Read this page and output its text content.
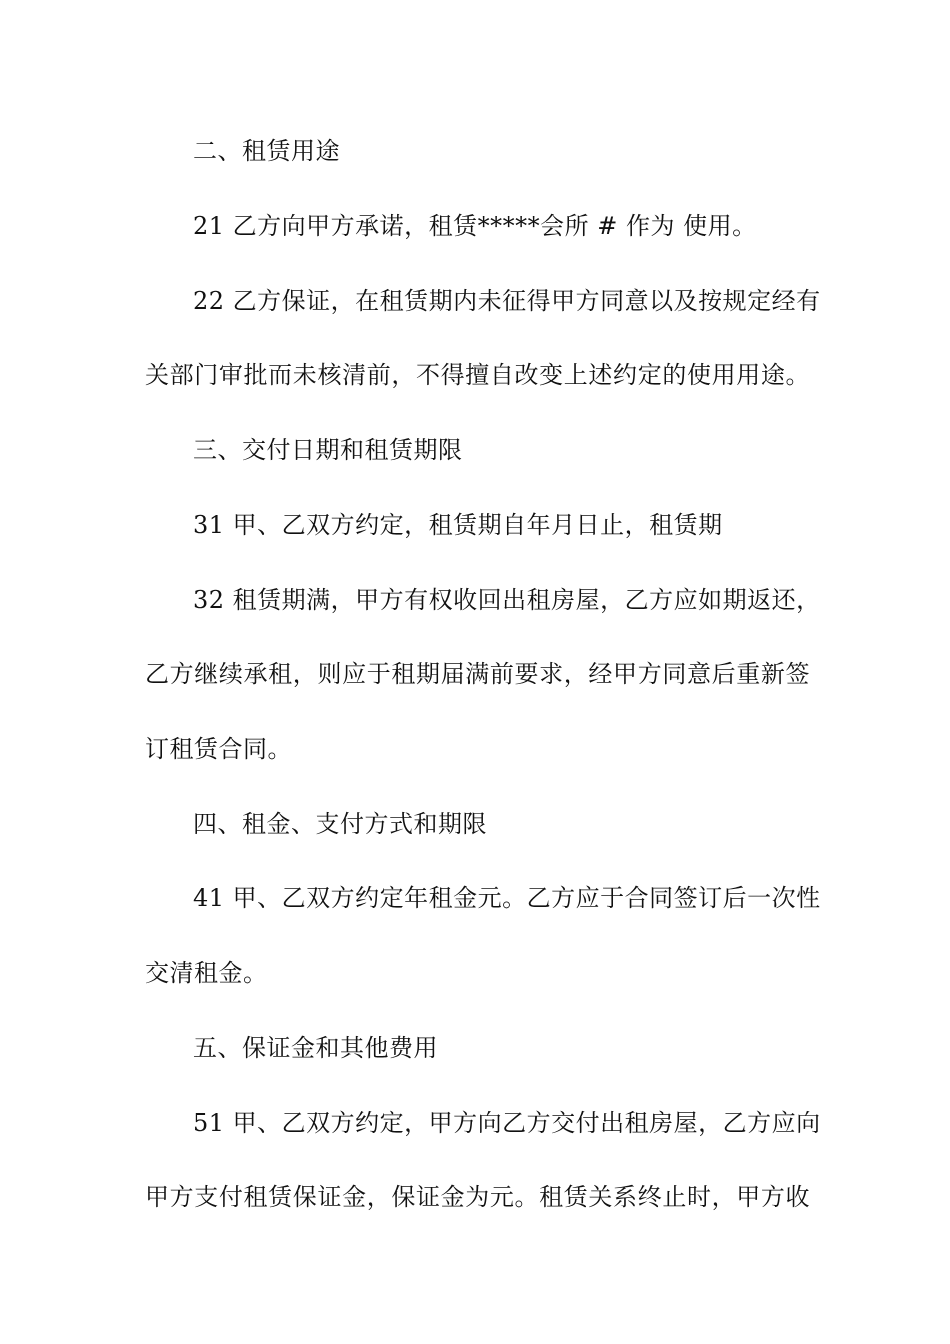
二、租赁用途
21 乙方向甲方承诺，租赁*****会所 # 作为 使用。
22 乙方保证，在租赁期内未征得甲方同意以及按规定经有
关部门审批而未核清前，不得擅自改变上述约定的使用用途。
三、交付日期和租赁期限
31 甲、乙双方约定，租赁期自年月日止，租赁期
32 租赁期满，甲方有权收回出租房屋，乙方应如期返还，
乙方继续承租，则应于租期届满前要求，经甲方同意后重新签
订租赁合同。
四、租金、支付方式和期限
41 甲、乙双方约定年租金元。乙方应于合同签订后一次性
交清租金。
五、保证金和其他费用
51 甲、乙双方约定，甲方向乙方交付出租房屋，乙方应向
甲方支付租赁保证金，保证金为元。租赁关系终止时，甲方收
